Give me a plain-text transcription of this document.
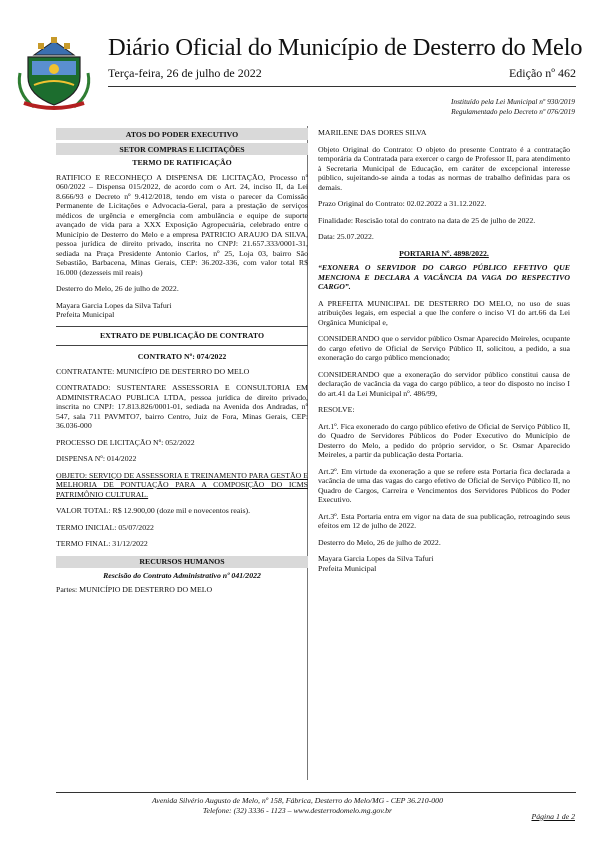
Diário Oficial do Município de Desterro do Melo
Terça-feira, 26 de julho de 2022	Edição nº 462
Instituído pela Lei Municipal nº 930/2019
Regulamentado pelo Decreto nº 076/2019
ATOS DO PODER EXECUTIVO
SETOR COMPRAS E LICITAÇÕES
TERMO DE RATIFICAÇÃO

RATIFICO E RECONHEÇO A DISPENSA DE LICITAÇÃO, Processo nº 060/2022 – Dispensa 015/2022, de acordo com o Art. 24, inciso II, da Lei 8.666/93 e Decreto nº 9.412/2018, tendo em vista o parecer da Comissão Permanente de Licitações e Advocacia-Geral, para a prestação de serviços médicos de urgência e emergência com ambulância e equipe de suporte avançado de vida para a XXX Exposição Agropecuária, celebrado entre o Município de Desterro do Melo e a empresa PATRICIO ARAUJO DA SILVA, pessoa jurídica de direito privado, inscrita no CNPJ: 21.657.333/0001-31, sediada na Praça Presidente Antonio Carlos, nº 25, Loja 03, bairro São Sebastião, Barbacena, Minas Gerais, CEP: 36.202-336, com valor total R$ 16.000 (dezesseis mil reais)

Desterro do Melo, 26 de julho de 2022.

Mayara Garcia Lopes da Silva Tafuri

Prefeita Municipal

EXTRATO DE PUBLICAÇÃO DE CONTRATO
CONTRATO Nº: 074/2022

CONTRATANTE: MUNICÍPIO DE DESTERRO DO MELO

CONTRATADO: SUSTENTARE ASSESSORIA E CONSULTORIA EM ADMINISTRACAO PUBLICA LTDA, pessoa jurídica de direito privado, inscrita no CNPJ: 17.813.826/0001-01, sediada na Avenida dos Andradas, nº 547, sala 711 PAVMTO7, bairro Centro, Juiz de Fora, Minas Gerais, CEP: 36.036-000

PROCESSO DE LICITAÇÃO Nº: 052/2022

DISPENSA Nº: 014/2022

OBJETO: SERVIÇO DE ASSESSORIA E TREINAMENTO PARA GESTÃO E MELHORIA DE PONTUAÇÃO PARA A COMPOSIÇÃO DO ICMS PATRIMÔNIO CULTURAL.

VALOR TOTAL: R$ 12.900,00 (doze mil e novecentos reais).

TERMO INICIAL: 05/07/2022

TERMO FINAL: 31/12/2022

RECURSOS HUMANOS
Rescisão do Contrato Administrativo nº 041/2022

Partes: MUNICÍPIO DE DESTERRO DO MELO

MARILENE DAS DORES SILVA

Objeto Original do Contrato: O objeto do presente Contrato é a contratação temporária da Contratada para exercer o cargo de Professor II, para atendimento à Secretaria Municipal de Educação, em caráter de excepcional interesse público, sujeitando-se ainda a todas as normas de trabalho definidas para os demais.

Prazo Original do Contrato: 02.02.2022 a 31.12.2022.

Finalidade: Rescisão total do contrato na data de 25 de julho de 2022.

Data: 25.07.2022.

PORTARIA Nº. 4898/2022.

“EXONERA O SERVIDOR DO CARGO PÚBLICO EFETIVO QUE MENCIONA E DECLARA A VACÂNCIA DA VAGA DO RESPECTIVO CARGO”.

A PREFEITA MUNICIPAL DE DESTERRO DO MELO, no uso de suas atribuições legais, em especial a que lhe confere o inciso VI do art.66 da Lei Orgânica Municipal e,

CONSIDERANDO que o servidor público Osmar Aparecido Meireles, ocupante do cargo efetivo de Oficial de Serviço Público II, solicitou, a pedido, a sua exoneração do cargo público mencionado;

CONSIDERANDO que a exoneração do servidor público constitui causa de declaração de vacância da vaga do cargo público, a teor do disposto no inciso I do art.41 da Lei Municipal nº. 486/99,

RESOLVE:

Art.1º. Fica exonerado do cargo público efetivo de Oficial de Serviço Público II, do Quadro de Servidores Públicos do Poder Executivo do Município de Desterro do Melo, a pedido do próprio servidor, o Sr. Osmar Aparecido Meireles, a partir da publicação desta Portaria.

Art.2º. Em virtude da exoneração a que se refere esta Portaria fica declarada a vacância de uma das vagas do cargo efetivo de Oficial de Serviço Público II, no Quadro de Cargos, Carreira e Vencimentos dos Servidores Públicos do Poder Executivo.

Art.3º. Esta Portaria entra em vigor na data de sua publicação, retroagindo seus efeitos em 12 de julho de 2022.

Desterro do Melo, 26 de julho de 2022.

Mayara Garcia Lopes da Silva Tafuri

Prefeita Municipal

Avenida Silvério Augusto de Melo, nº 158, Fábrica, Desterro do Melo/MG - CEP 36.210-000
Telefone: (32) 3336 - 1123 – www.desterrodomelo.mg.gov.br
Página 1 de 2
